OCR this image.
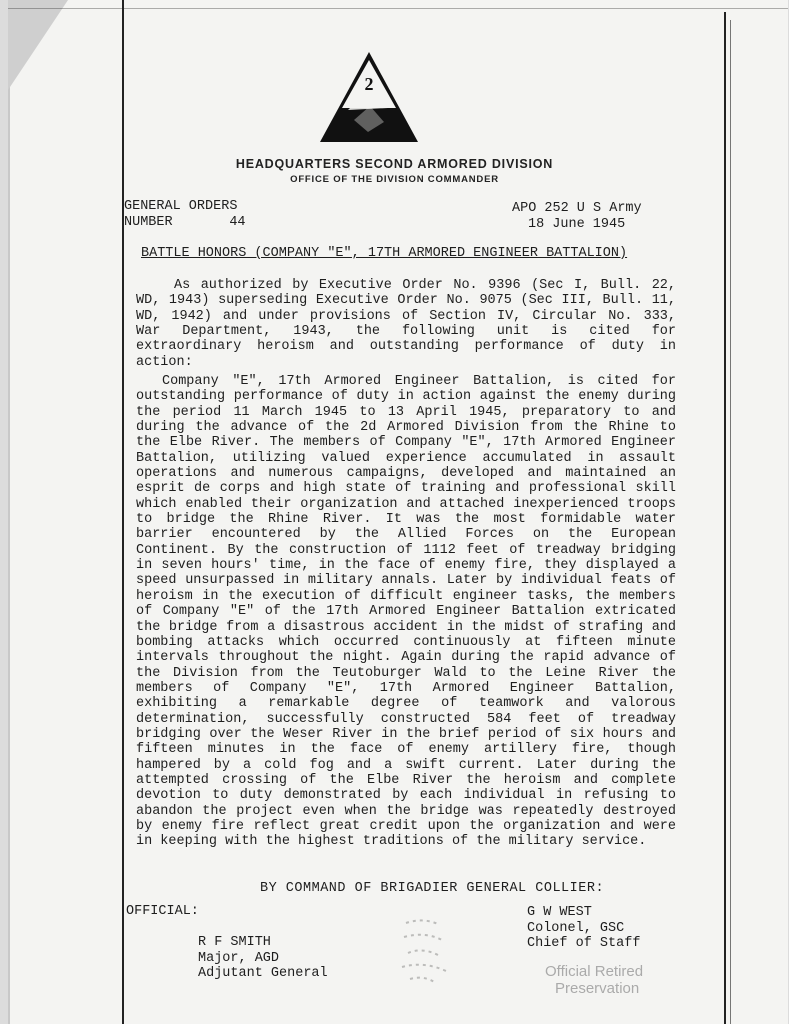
2
HEADQUARTERS SECOND ARMORED DIVISION
OFFICE OF THE DIVISION COMMANDER
GENERAL ORDERS
NUMBER	44
APO 252 U S Army
18 June 1945
BATTLE HONORS (COMPANY "E", 17TH ARMORED ENGINEER BATTALION)
As authorized by Executive Order No. 9396 (Sec I, Bull. 22, WD, 1943) superseding Executive Order No. 9075 (Sec III, Bull. 11, WD, 1942) and under provisions of Section IV, Circular No. 333, War Department, 1943, the following unit is cited for extraordinary heroism and outstanding performance of duty in action:
Company "E", 17th Armored Engineer Battalion, is cited for outstanding performance of duty in action against the enemy during the period 11 March 1945 to 13 April 1945, preparatory to and during the advance of the 2d Armored Division from the Rhine to the Elbe River. The members of Company "E", 17th Armored Engineer Battalion, utilizing valued experience accumulated in assault operations and numerous campaigns, developed and maintained an esprit de corps and high state of training and professional skill which enabled their organization and attached inexperienced troops to bridge the Rhine River. It was the most formidable water barrier encountered by the Allied Forces on the European Continent. By the construction of 1112 feet of treadway bridging in seven hours' time, in the face of enemy fire, they displayed a speed unsurpassed in military annals. Later by individual feats of heroism in the execution of difficult engineer tasks, the members of Company "E" of the 17th Armored Engineer Battalion extricated the bridge from a disastrous accident in the midst of strafing and bombing attacks which occurred continuously at fifteen minute intervals throughout the night. Again during the rapid advance of the Division from the Teutoburger Wald to the Leine River the members of Company "E", 17th Armored Engineer Battalion, exhibiting a remarkable degree of teamwork and valorous determination, successfully constructed 584 feet of treadway bridging over the Weser River in the brief period of six hours and fifteen minutes in the face of enemy artillery fire, though hampered by a cold fog and a swift current. Later during the attempted crossing of the Elbe River the heroism and complete devotion to duty demonstrated by each individual in refusing to abandon the project even when the bridge was repeatedly destroyed by enemy fire reflect great credit upon the organization and were in keeping with the highest traditions of the military service.
BY COMMAND OF BRIGADIER GENERAL COLLIER:
OFFICIAL:
R F SMITH
Major, AGD
Adjutant General
G W WEST
Colonel, GSC
Chief of Staff
Official Retired
Preservation
